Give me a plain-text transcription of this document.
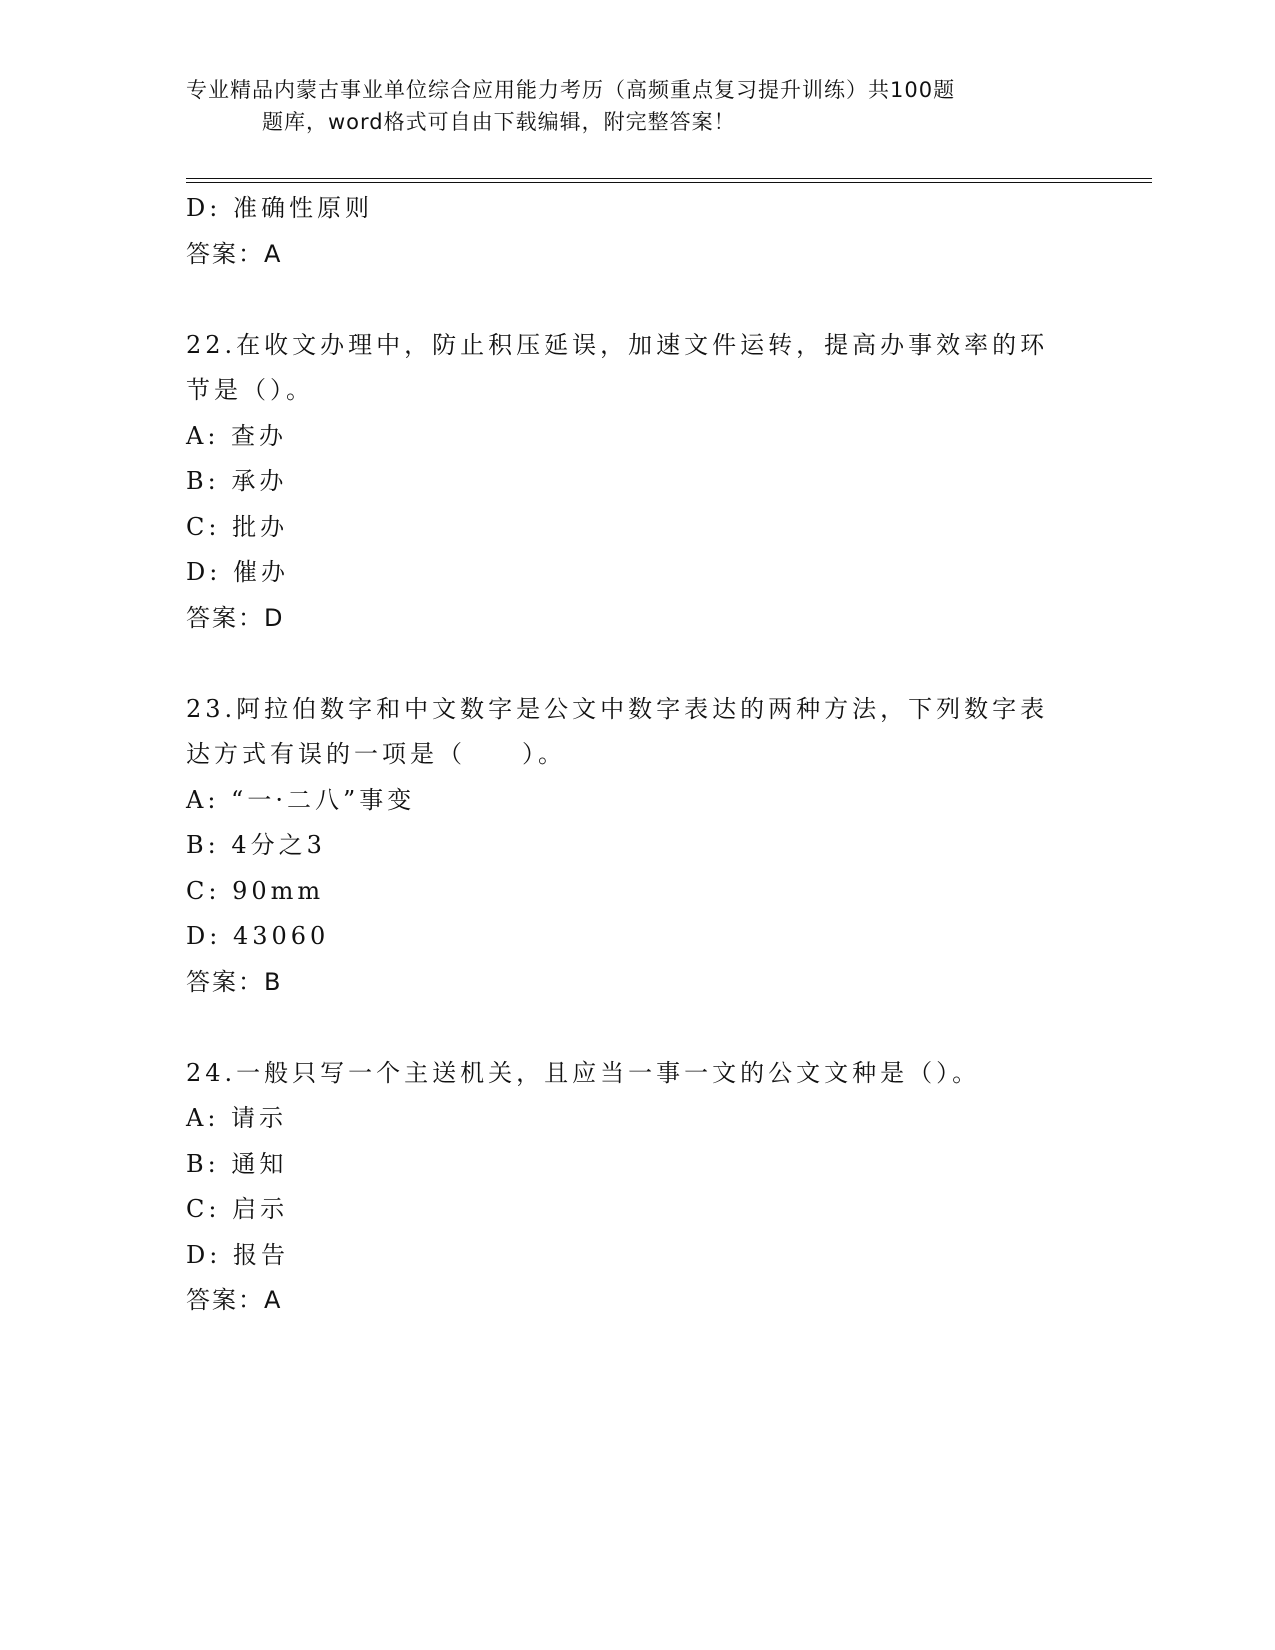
专业精品内蒙古事业单位综合应用能力考历（高频重点复习提升训练）共100题
题库，word格式可自由下载编辑，附完整答案！
D: 准确性原则
答案：A
22.在收文办理中，防止积压延误，加速文件运转，提高办事效率的环
节是（）。
A: 查办
B: 承办
C: 批办
D: 催办
答案：D
23.阿拉伯数字和中文数字是公文中数字表达的两种方法，下列数字表
达方式有误的一项是（　　）。
A: “一·二八”事变
B: 4分之3
C: 90mm
D: 43060
答案：B
24.一般只写一个主送机关，且应当一事一文的公文文种是（）。
A: 请示
B: 通知
C: 启示
D: 报告
答案：A
